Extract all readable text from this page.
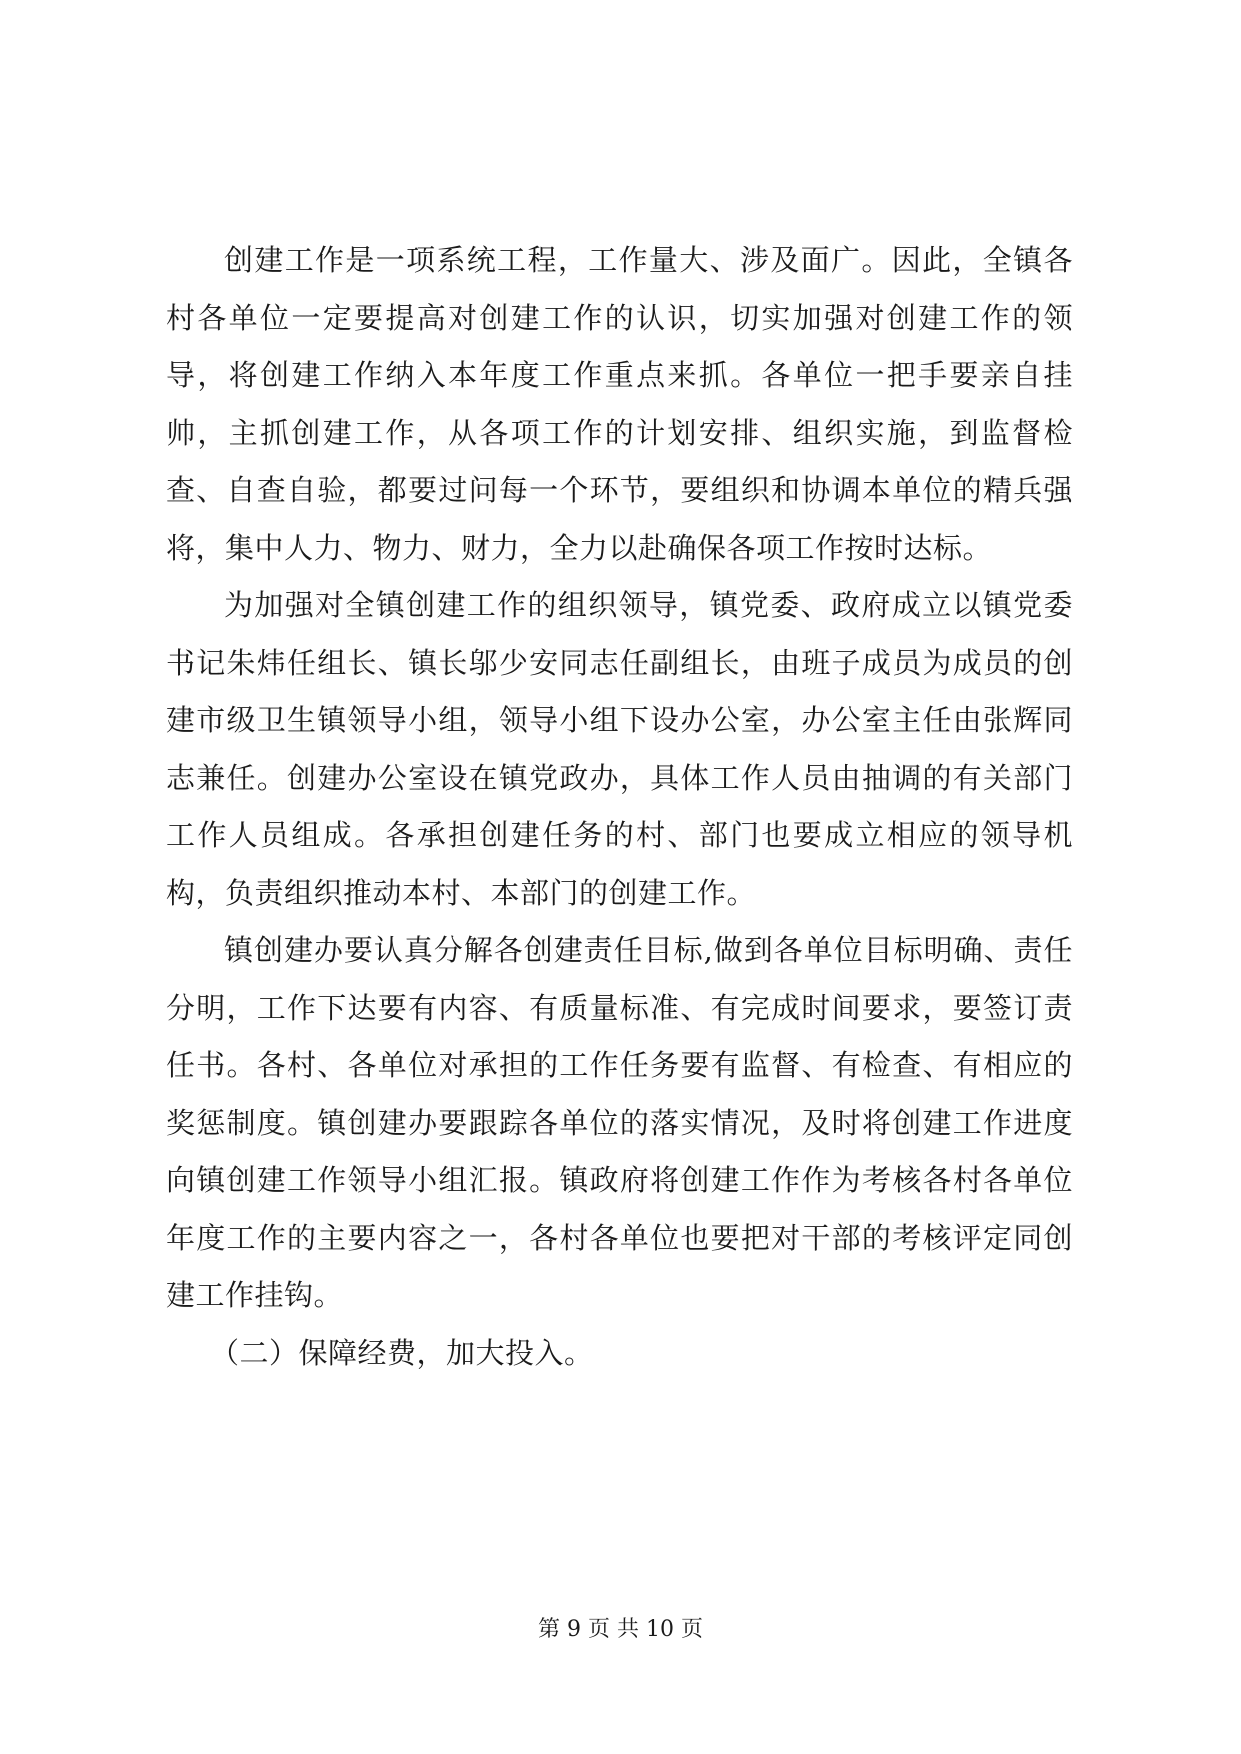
创建工作是一项系统工程，工作量大、涉及面广。因此，全镇各村各单位一定要提高对创建工作的认识，切实加强对创建工作的领导，将创建工作纳入本年度工作重点来抓。各单位一把手要亲自挂帅，主抓创建工作，从各项工作的计划安排、组织实施，到监督检查、自查自验，都要过问每一个环节，要组织和协调本单位的精兵强将，集中人力、物力、财力，全力以赴确保各项工作按时达标。

为加强对全镇创建工作的组织领导，镇党委、政府成立以镇党委书记朱炜任组长、镇长邬少安同志任副组长，由班子成员为成员的创建市级卫生镇领导小组，领导小组下设办公室，办公室主任由张辉同志兼任。创建办公室设在镇党政办，具体工作人员由抽调的有关部门工作人员组成。各承担创建任务的村、部门也要成立相应的领导机构，负责组织推动本村、本部门的创建工作。

镇创建办要认真分解各创建责任目标,做到各单位目标明确、责任分明，工作下达要有内容、有质量标准、有完成时间要求，要签订责任书。各村、各单位对承担的工作任务要有监督、有检查、有相应的奖惩制度。镇创建办要跟踪各单位的落实情况，及时将创建工作进度向镇创建工作领导小组汇报。镇政府将创建工作作为考核各村各单位年度工作的主要内容之一，各村各单位也要把对干部的考核评定同创建工作挂钩。

（二）保障经费，加大投入。

第 9 页 共 10 页
